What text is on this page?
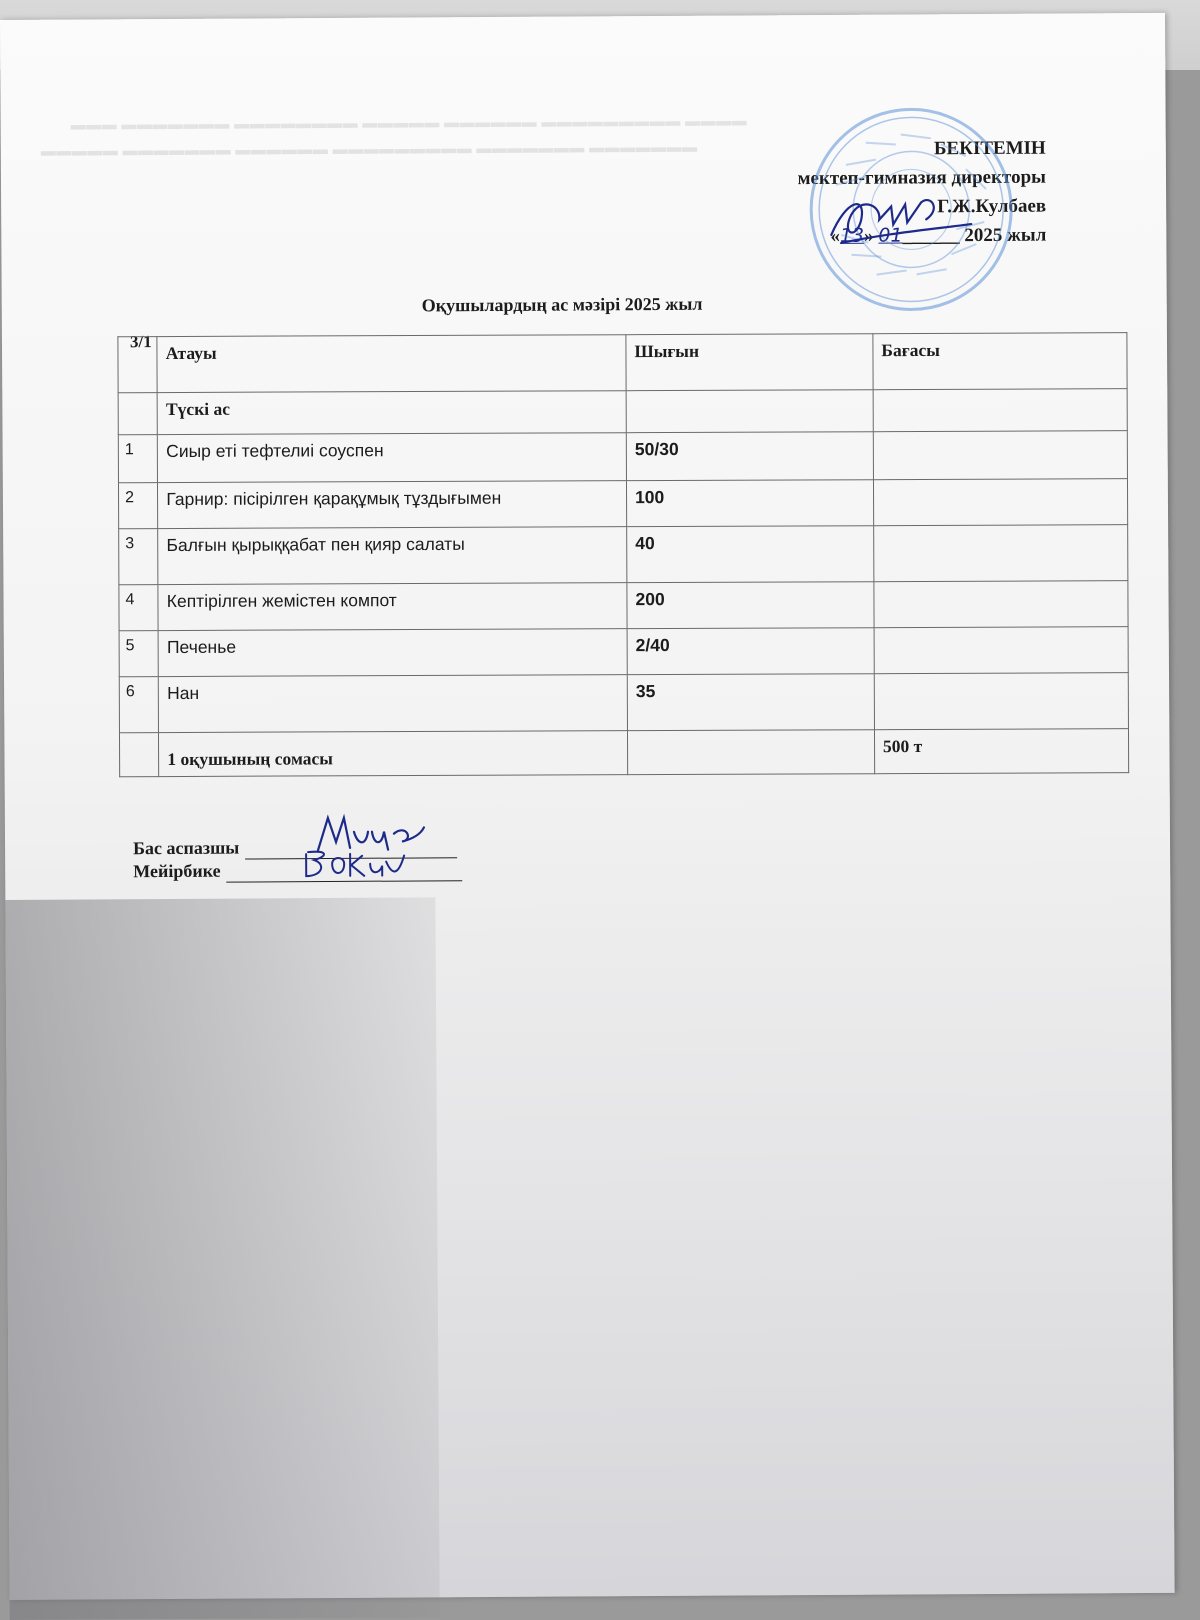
▬▬▬ ▬▬▬▬▬▬▬ ▬▬▬▬▬▬▬▬ ▬▬▬▬▬ ▬▬▬▬▬▬ ▬▬▬▬▬▬▬▬▬ ▬▬▬▬
▬▬▬▬▬ ▬▬▬▬▬▬▬ ▬▬▬▬▬▬ ▬▬▬▬▬▬▬▬▬ ▬▬▬▬▬▬▬ ▬▬▬▬▬▬▬	БЕКІТЕМІН
мектеп-гимназия директоры
Г.Ж.Кулбаев
«13» 01______ 2025 жыл
Оқушылардың ас мәзірі 2025 жыл
3/1
	Атауы	Шығын	Бағасы
	Түскі ас		
1	Сиыр еті тефтелиі соуспен	50/30	
2	Гарнир: пісірілген қарақұмық тұздығымен	100	
3	Балғын қырыққабат пен қияр салаты	40	
4	Кептірілген жемістен компот	200	
5	Печенье	2/40	
6	Нан	35	
	1 оқушының сомасы		500 т
Бас аспазшы
Мейірбике
